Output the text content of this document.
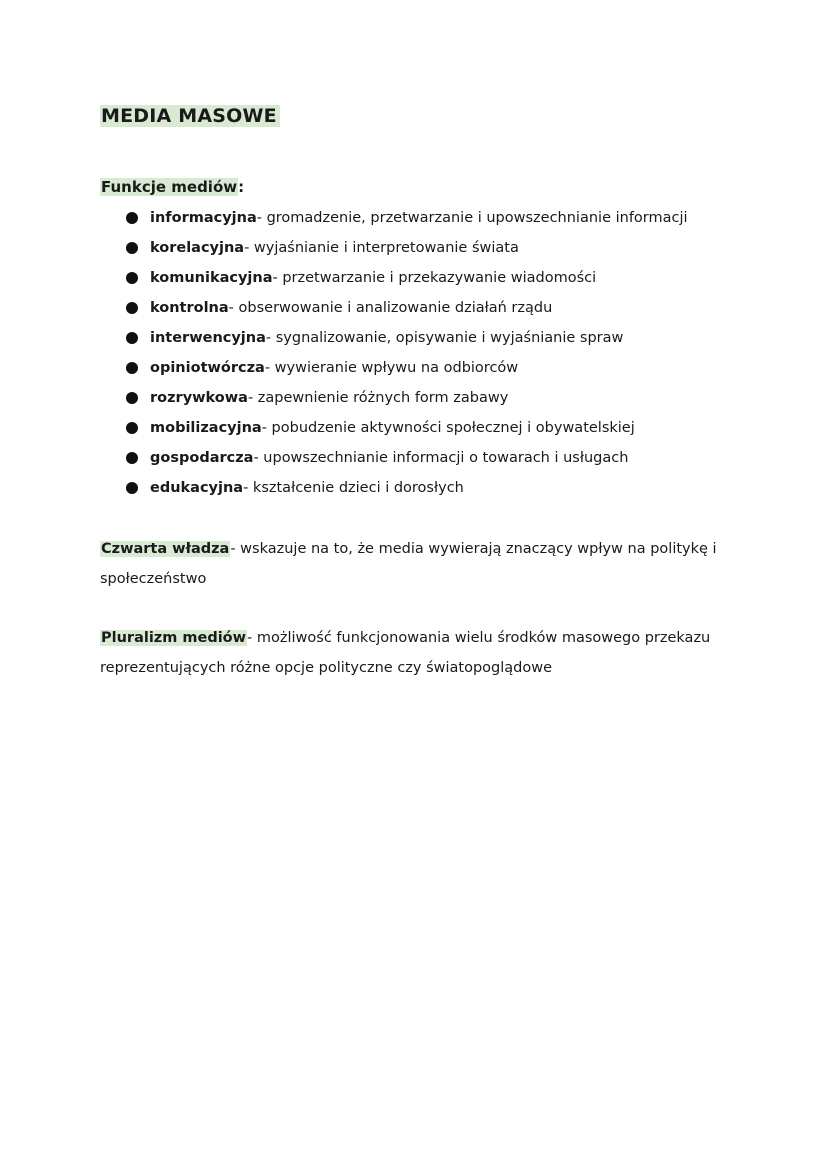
MEDIA MASOWE
Funkcje mediów:
informacyjna- gromadzenie, przetwarzanie i upowszechnianie informacji
korelacyjna- wyjaśnianie i interpretowanie świata
komunikacyjna- przetwarzanie i przekazywanie wiadomości
kontrolna- obserwowanie i analizowanie działań rządu
interwencyjna- sygnalizowanie, opisywanie i wyjaśnianie spraw
opiniotwórcza- wywieranie wpływu na odbiorców
rozrywkowa- zapewnienie różnych form zabawy
mobilizacyjna- pobudzenie aktywności społecznej i obywatelskiej
gospodarcza- upowszechnianie informacji o towarach i usługach
edukacyjna- kształcenie dzieci i dorosłych

Czwarta władza- wskazuje na to, że media wywierają znaczący wpływ na politykę i społeczeństwo

Pluralizm mediów- możliwość funkcjonowania wielu środków masowego przekazu reprezentujących różne opcje polityczne czy światopoglądowe
